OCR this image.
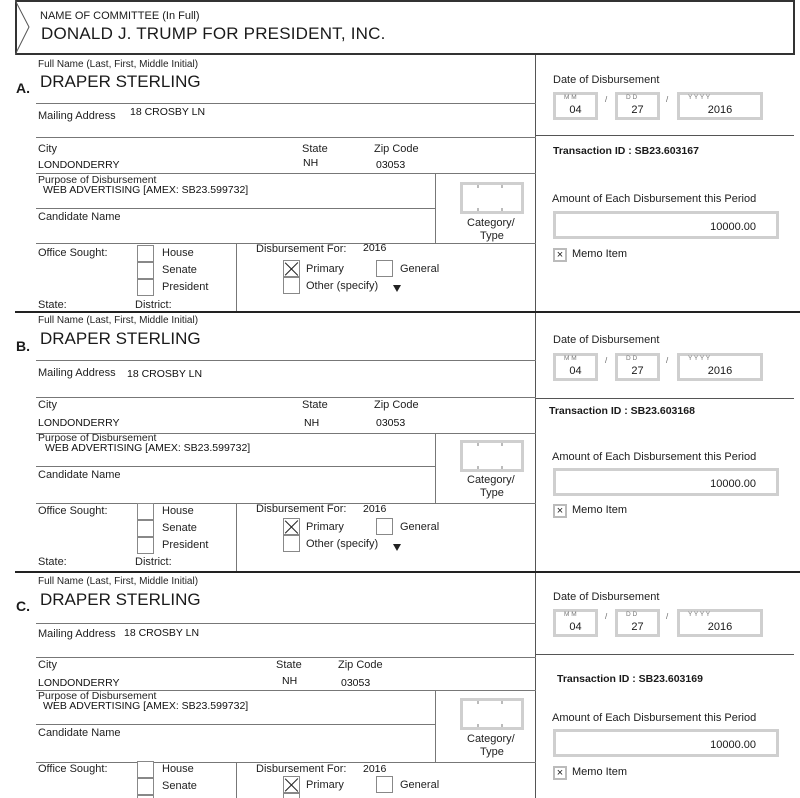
NAME OF COMMITTEE (In Full)
DONALD J. TRUMP FOR PRESIDENT, INC.
Full Name (Last, First, Middle Initial)
A. DRAPER STERLING
Mailing Address 18 CROSBY LN
City	State	Zip Code
LONDONDERRY	NH	03053
Purpose of Disbursement
WEB ADVERTISING [AMEX: SB23.599732]
Candidate Name	Category/
Type
Office Sought:	House
Senate
President
State:	District:
Disbursement For: 2016
Primary	General
Other (specify)
Date of Disbursement
M M
04
/	D D
27
/	Y Y Y Y
2016
Transaction ID : SB23.603167
Amount of Each Disbursement this Period
10000.00
× Memo Item
Full Name (Last, First, Middle Initial)
B. DRAPER STERLING
Mailing Address 18 CROSBY LN
City	State	Zip Code
LONDONDERRY	NH	03053
Purpose of Disbursement
WEB ADVERTISING [AMEX: SB23.599732]
Candidate Name	Category/
Type
Office Sought:	House
Senate
President
State:	District:
Disbursement For: 2016
Primary	General
Other (specify)
Date of Disbursement
M M
04
/	D D
27
/	Y Y Y Y
2016
Transaction ID : SB23.603168
Amount of Each Disbursement this Period
10000.00
× Memo Item
Full Name (Last, First, Middle Initial)
C. DRAPER STERLING
Mailing Address 18 CROSBY LN
City	State	Zip Code
LONDONDERRY	NH	03053
Purpose of Disbursement
WEB ADVERTISING [AMEX: SB23.599732]
Candidate Name	Category/
Type
Office Sought:	House
Senate
Disbursement For: 2016
Primary	General
Date of Disbursement
M M
04
/	D D
27
/	Y Y Y Y
2016
Transaction ID : SB23.603169
Amount of Each Disbursement this Period
10000.00
× Memo Item
